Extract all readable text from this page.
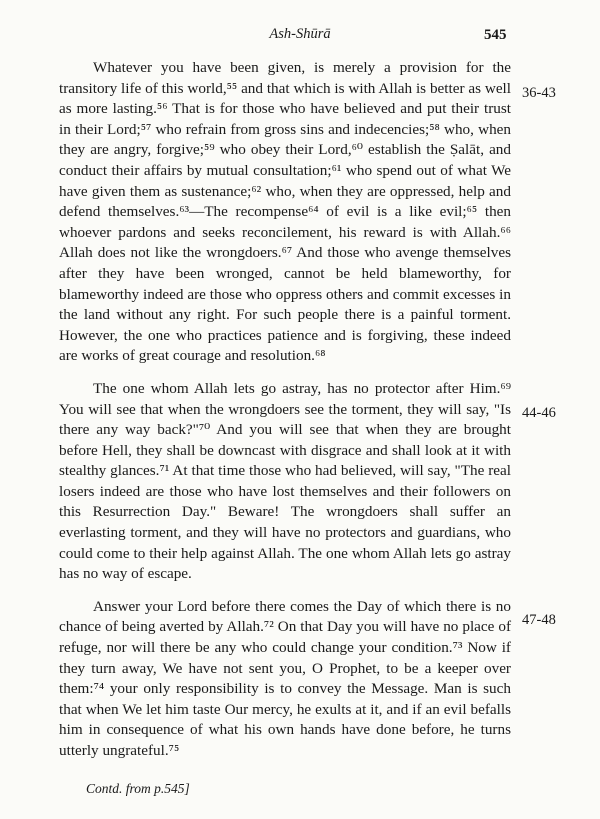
Ash-Shūrā	545

Whatever you have been given, is merely a provision for the transitory life of this world,⁵⁵ and that which is with Allah is better as well as more lasting.⁵⁶ That is for those who have believed and put their trust in their Lord;⁵⁷ who refrain from gross sins and indecencies;⁵⁸ who, when they are angry, forgive;⁵⁹ who obey their Lord,⁶⁰ establish the Ṣalāt, and conduct their affairs by mutual consultation;⁶¹ who spend out of what We have given them as sustenance;⁶² who, when they are oppressed, help and defend themselves.⁶³—The recompense⁶⁴ of evil is a like evil;⁶⁵ then whoever pardons and seeks reconcilement, his reward is with Allah.⁶⁶ Allah does not like the wrongdoers.⁶⁷ And those who avenge themselves after they have been wronged, cannot be held blameworthy, for blameworthy indeed are those who oppress others and commit excesses in the land without any right. For such people there is a painful torment. However, the one who practices patience and is forgiving, these indeed are works of great courage and resolution.⁶⁸

The one whom Allah lets go astray, has no protector after Him.⁶⁹ You will see that when the wrongdoers see the torment, they will say, "Is there any way back?"⁷⁰ And you will see that when they are brought before Hell, they shall be downcast with disgrace and shall look at it with stealthy glances.⁷¹ At that time those who had believed, will say, "The real losers indeed are those who have lost themselves and their followers on this Resurrection Day." Beware! The wrongdoers shall suffer an everlasting torment, and they will have no protectors and guardians, who could come to their help against Allah. The one whom Allah lets go astray has no way of escape.

Answer your Lord before there comes the Day of which there is no chance of being averted by Allah.⁷² On that Day you will have no place of refuge, nor will there be any who could change your condition.⁷³ Now if they turn away, We have not sent you, O Prophet, to be a keeper over them:⁷⁴ your only responsibility is to convey the Message. Man is such that when We let him taste Our mercy, he exults at it, and if an evil befalls him in consequence of what his own hands have done before, he turns utterly ungrateful.⁷⁵

36-43
44-46
47-48
Contd. from p.545]
